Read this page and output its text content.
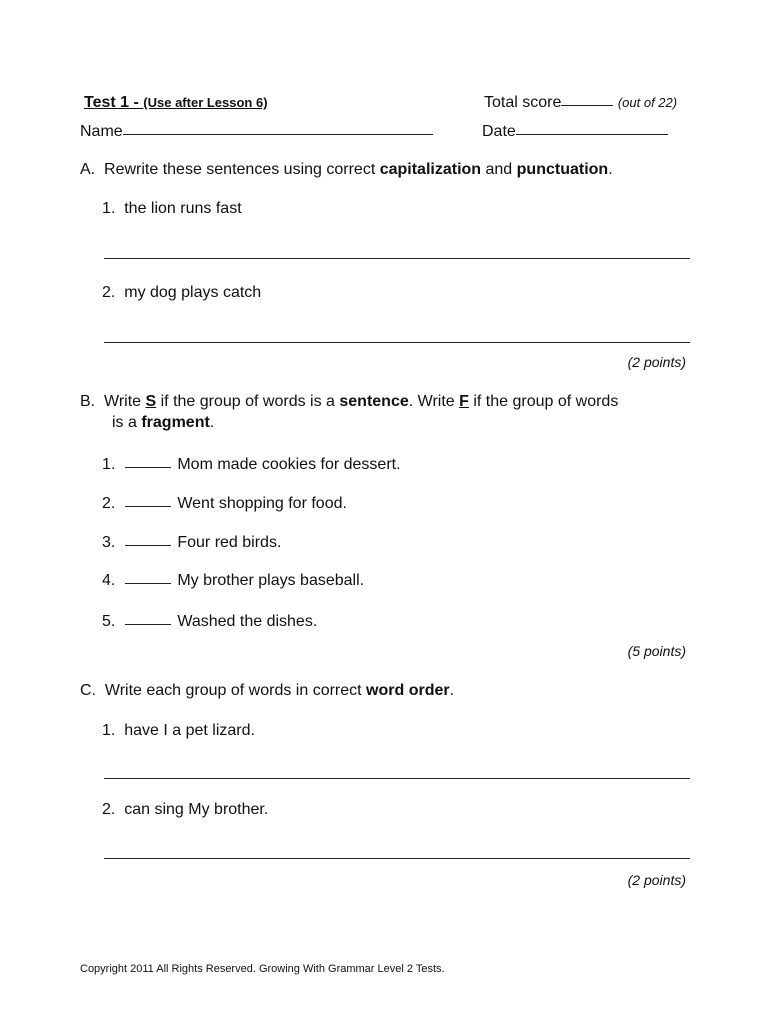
Test 1 - (Use after Lesson 6)	Total score	(out of 22)
Name	Date
A. Rewrite these sentences using correct capitalization and punctuation.
1. the lion runs fast
2. my dog plays catch
(2 points)
B. Write S if the group of words is a sentence. Write F if the group of words
is a fragment.
1.	Mom made cookies for dessert.
2.	Went shopping for food.
3.	Four red birds.
4.	My brother plays baseball.
5.	Washed the dishes.
(5 points)
C. Write each group of words in correct word order.
1. have I a pet lizard.
2. can sing My brother.
(2 points)
Copyright 2011 All Rights Reserved. Growing With Grammar Level 2 Tests.
